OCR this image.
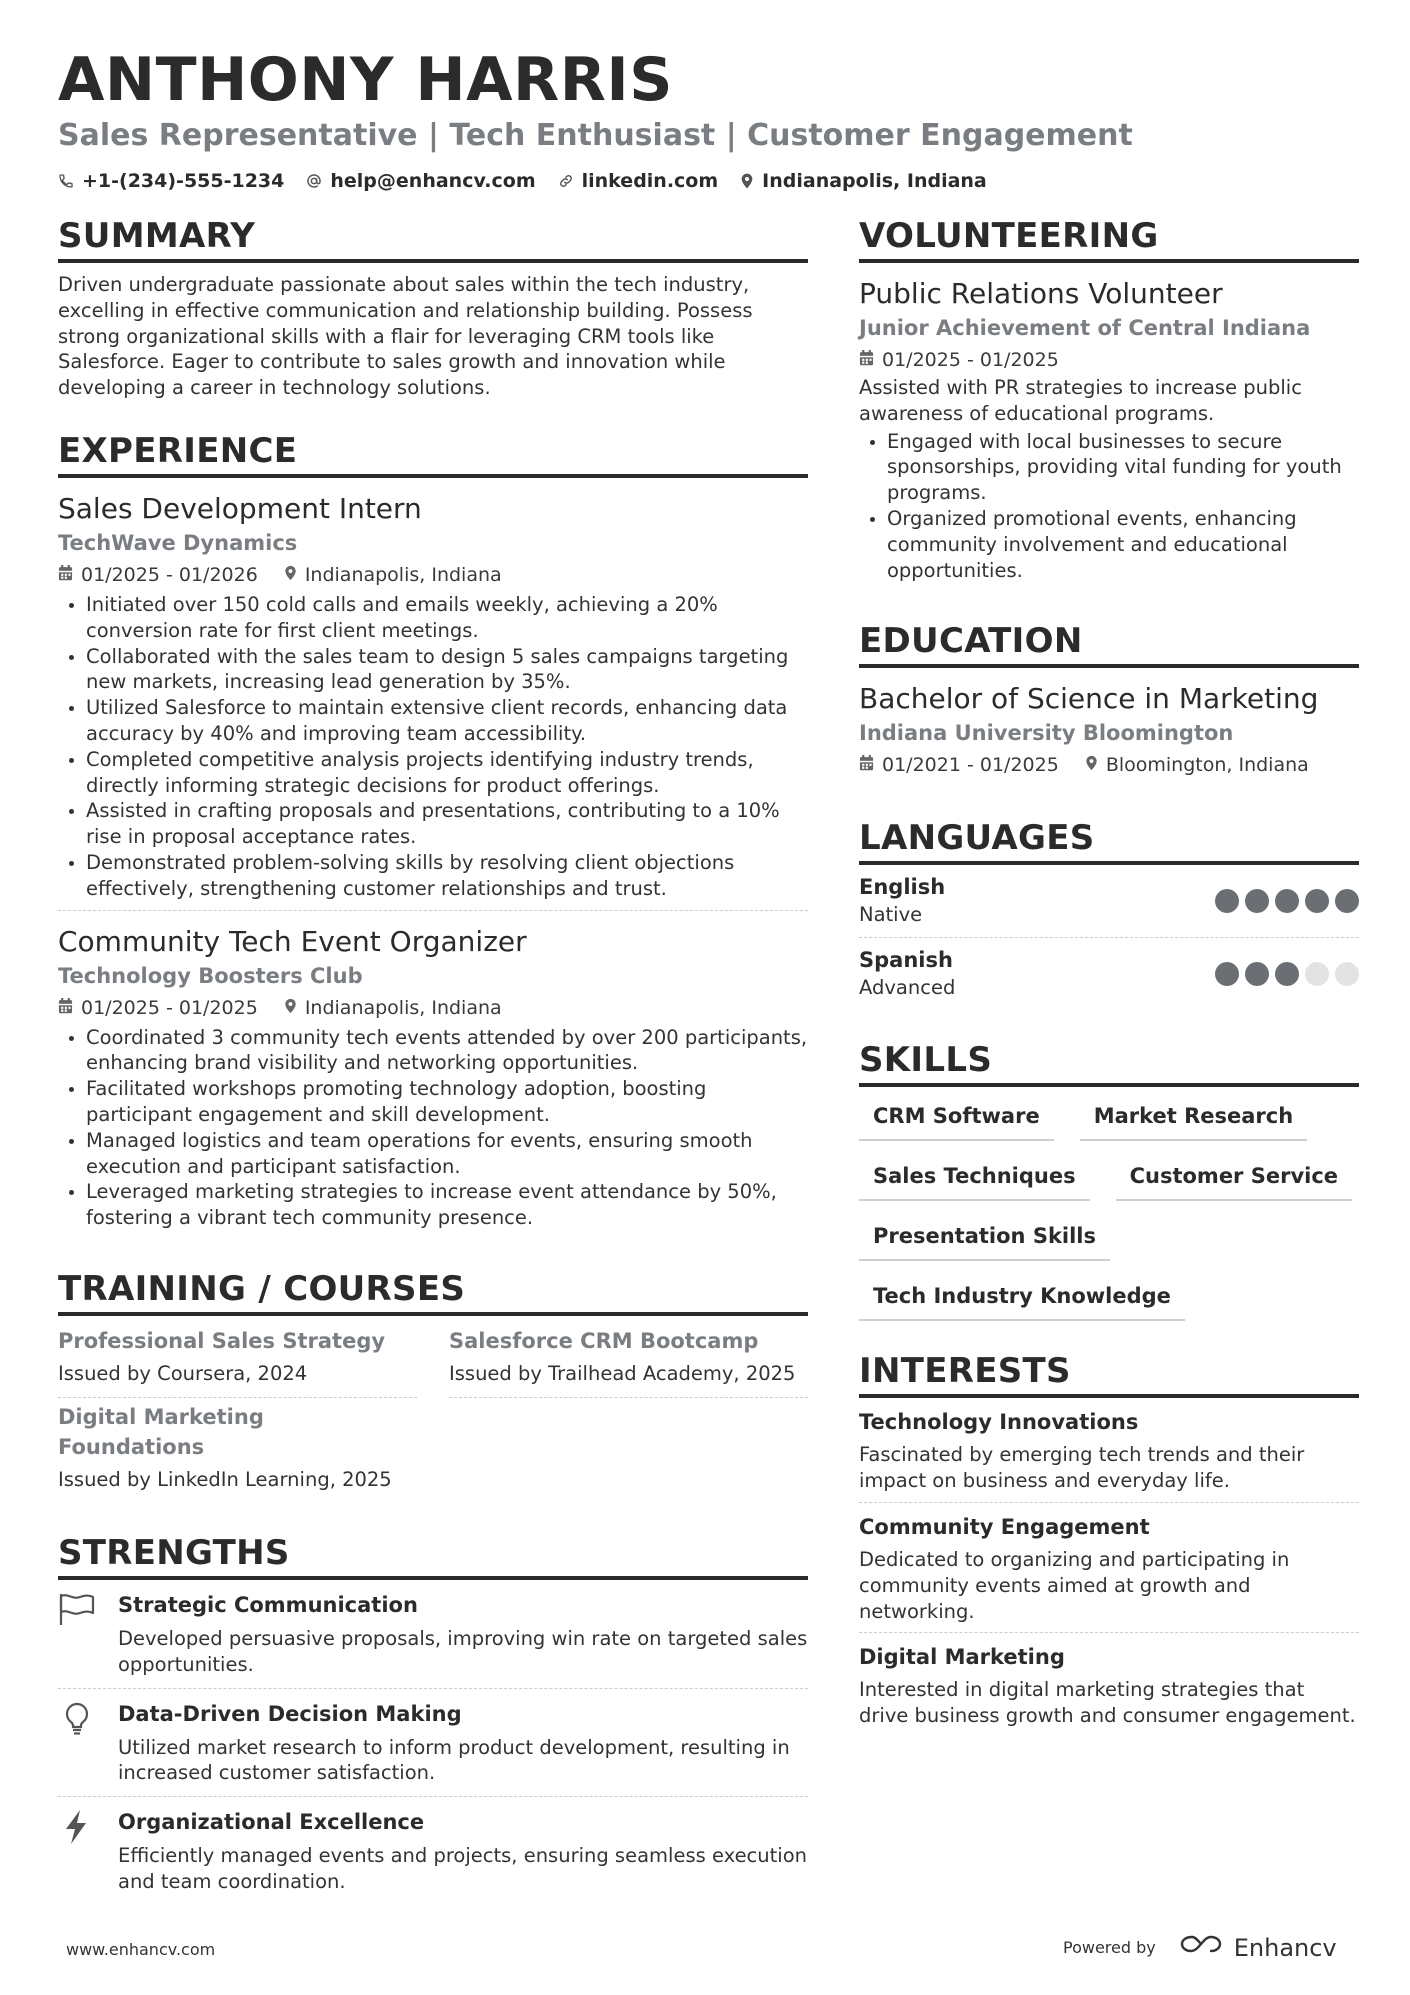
ANTHONY HARRIS
Sales Representative | Tech Enthusiast | Customer Engagement
+1-(234)-555-1234 help@enhancv.com linkedin.com Indianapolis, Indiana
SUMMARY
Driven undergraduate passionate about sales within the tech industry, excelling in effective communication and relationship building. Possess strong organizational skills with a flair for leveraging CRM tools like Salesforce. Eager to contribute to sales growth and innovation while developing a career in technology solutions.
EXPERIENCE
Sales Development Intern
TechWave Dynamics
01/2025 - 01/2026 Indianapolis, Indiana
• Initiated over 150 cold calls and emails weekly, achieving a 20% conversion rate for first client meetings.
• Collaborated with the sales team to design 5 sales campaigns targeting new markets, increasing lead generation by 35%.
• Utilized Salesforce to maintain extensive client records, enhancing data accuracy by 40% and improving team accessibility.
• Completed competitive analysis projects identifying industry trends, directly informing strategic decisions for product offerings.
• Assisted in crafting proposals and presentations, contributing to a 10% rise in proposal acceptance rates.
• Demonstrated problem-solving skills by resolving client objections effectively, strengthening customer relationships and trust.
Community Tech Event Organizer
Technology Boosters Club
01/2025 - 01/2025 Indianapolis, Indiana
• Coordinated 3 community tech events attended by over 200 participants, enhancing brand visibility and networking opportunities.
• Facilitated workshops promoting technology adoption, boosting participant engagement and skill development.
• Managed logistics and team operations for events, ensuring smooth execution and participant satisfaction.
• Leveraged marketing strategies to increase event attendance by 50%, fostering a vibrant tech community presence.
TRAINING / COURSES
Professional Sales Strategy
Issued by Coursera, 2024
Salesforce CRM Bootcamp
Issued by Trailhead Academy, 2025
Digital Marketing Foundations
Issued by LinkedIn Learning, 2025
STRENGTHS
Strategic Communication
Developed persuasive proposals, improving win rate on targeted sales opportunities.
Data-Driven Decision Making
Utilized market research to inform product development, resulting in increased customer satisfaction.
Organizational Excellence
Efficiently managed events and projects, ensuring seamless execution and team coordination.
VOLUNTEERING
Public Relations Volunteer
Junior Achievement of Central Indiana
01/2025 - 01/2025
Assisted with PR strategies to increase public awareness of educational programs.
• Engaged with local businesses to secure sponsorships, providing vital funding for youth programs.
• Organized promotional events, enhancing community involvement and educational opportunities.
EDUCATION
Bachelor of Science in Marketing
Indiana University Bloomington
01/2021 - 01/2025 Bloomington, Indiana
LANGUAGES
English
Native
Spanish
Advanced
SKILLS
CRM Software	Market Research
Sales Techniques	Customer Service
Presentation Skills
Tech Industry Knowledge
INTERESTS
Technology Innovations
Fascinated by emerging tech trends and their impact on business and everyday life.
Community Engagement
Dedicated to organizing and participating in community events aimed at growth and networking.
Digital Marketing
Interested in digital marketing strategies that drive business growth and consumer engagement.
www.enhancv.com	Powered by	Enhancv
